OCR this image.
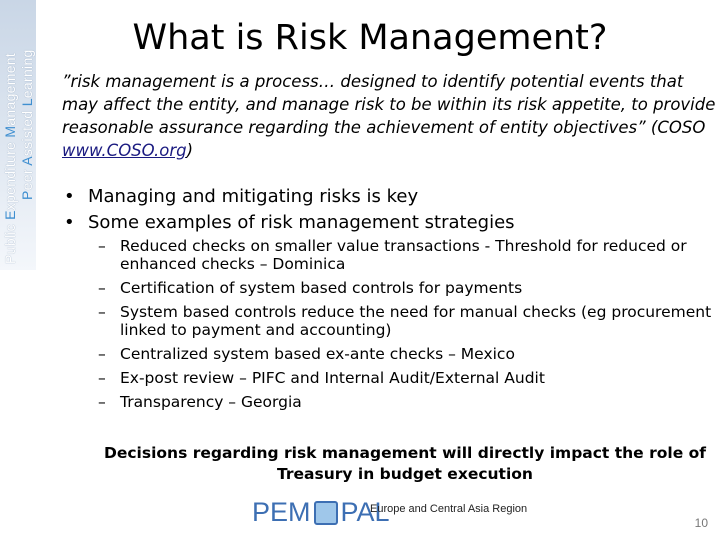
Public Expenditure Management
Peer Assisted Learning
What is Risk Management?
”risk management is a process… designed to identify potential events that may affect the entity, and manage risk to be within its risk appetite, to provide reasonable assurance regarding the achievement of entity objectives” (COSO www.COSO.org)
• Managing and mitigating risks is key
• Some examples of risk management strategies
– Reduced checks on smaller value transactions - Threshold for reduced or enhanced checks – Dominica
– Certification of system based controls for payments
– System based controls reduce the need for manual checks (eg procurement linked to payment and accounting)
– Centralized system based ex-ante checks – Mexico
– Ex-post review – PIFC and Internal Audit/External Audit
– Transparency – Georgia
Decisions regarding risk management will directly impact the role of Treasury in budget execution
PEM PAL
Europe and Central Asia Region
10
